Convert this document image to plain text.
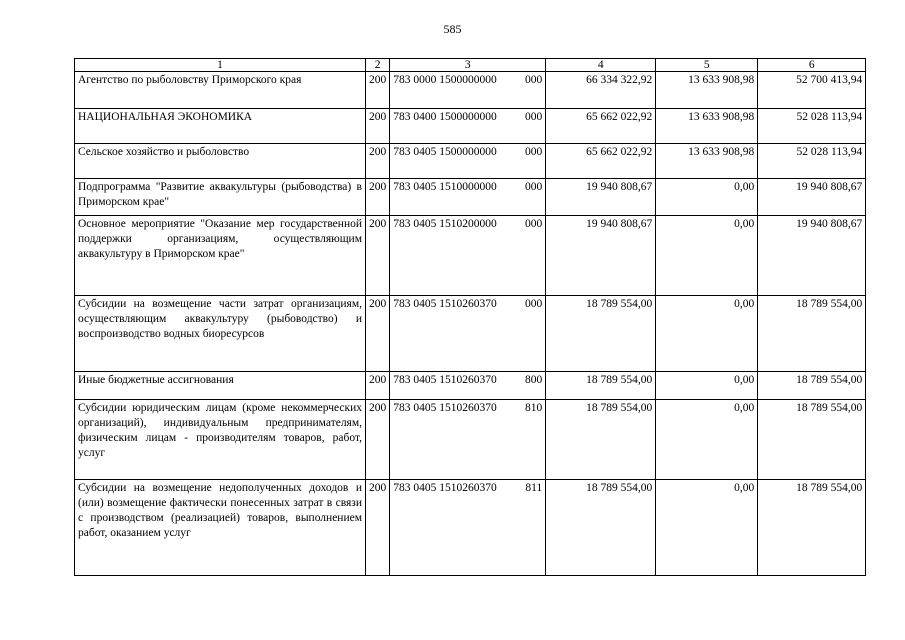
585
1	2	3	4	5	6
Агентство по рыболовству Приморского края	200	783 0000 1500000000 000	66 334 322,92	13 633 908,98	52 700 413,94
НАЦИОНАЛЬНАЯ ЭКОНОМИКА	200	783 0400 1500000000 000	65 662 022,92	13 633 908,98	52 028 113,94
Сельское хозяйство и рыболовство	200	783 0405 1500000000 000	65 662 022,92	13 633 908,98	52 028 113,94
Подпрограмма "Развитие аквакультуры (рыбоводства) в Приморском крае"	200	783 0405 1510000000 000	19 940 808,67	0,00	19 940 808,67
Основное мероприятие "Оказание мер государственной поддержки организациям, осуществляющим аквакультуру в Приморском крае"	200	783 0405 1510200000 000	19 940 808,67	0,00	19 940 808,67
Субсидии на возмещение части затрат организациям, осуществляющим аквакультуру (рыбоводство) и воспроизводство водных биоресурсов	200	783 0405 1510260370 000	18 789 554,00	0,00	18 789 554,00
Иные бюджетные ассигнования	200	783 0405 1510260370 800	18 789 554,00	0,00	18 789 554,00
Субсидии юридическим лицам (кроме некоммерческих организаций), индивидуальным предпринимателям, физическим лицам - производителям товаров, работ, услуг	200	783 0405 1510260370 810	18 789 554,00	0,00	18 789 554,00
Субсидии на возмещение недополученных доходов и (или) возмещение фактически понесенных затрат в связи с производством (реализацией) товаров, выполнением работ, оказанием услуг	200	783 0405 1510260370 811	18 789 554,00	0,00	18 789 554,00
